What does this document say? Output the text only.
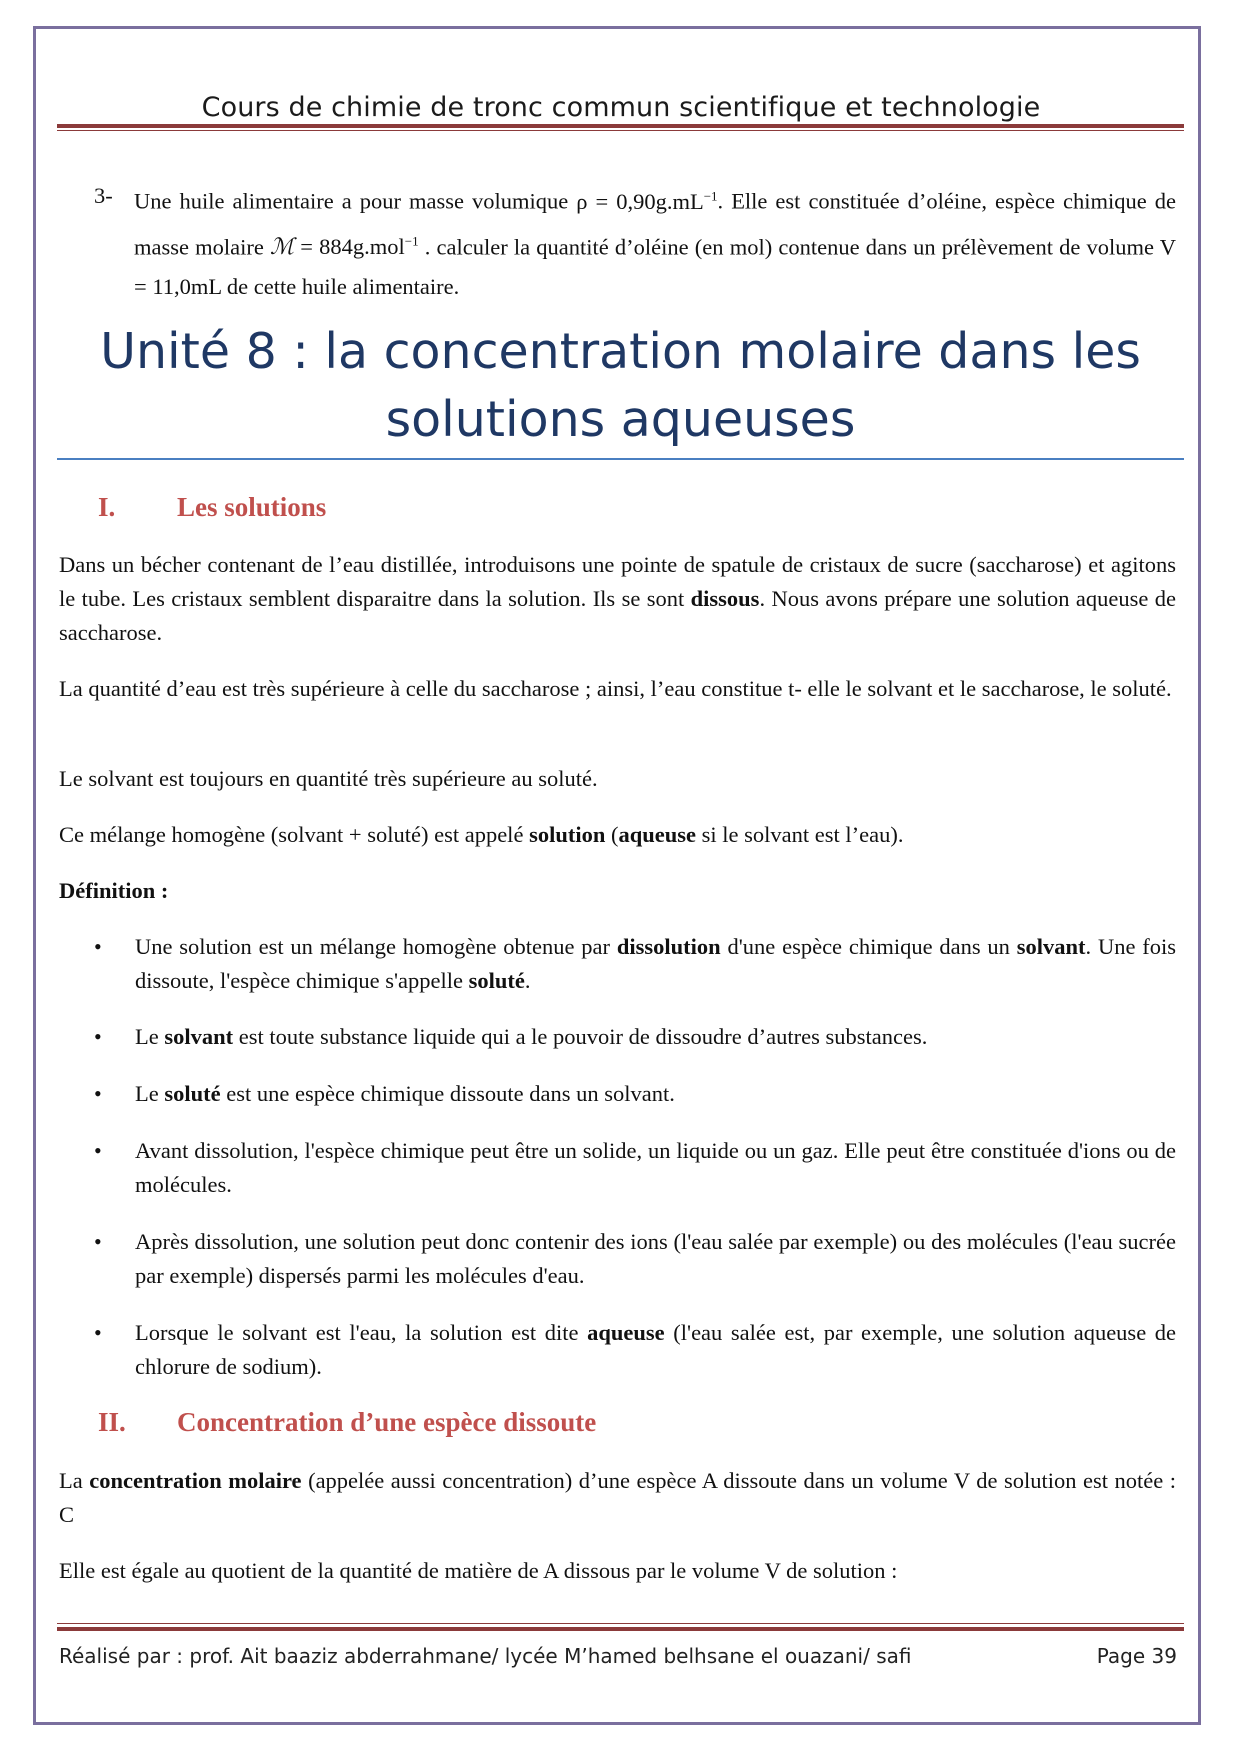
Cours de chimie de tronc commun scientifique et technologie
3- Une huile alimentaire a pour masse volumique $\rho = 0,90g.mL^{-1}$. Elle est constituée d’oléine, espèce chimique de masse molaire ℳ = 884g.mol$^{-1}$ . calculer la quantité d’oléine (en mol) contenue dans un prélèvement de volume V = 11,0mL de cette huile alimentaire.
Unité 8 : la concentration molaire dans les solutions aqueuses
I. Les solutions

Dans un bécher contenant de l’eau distillée, introduisons une pointe de spatule de cristaux de sucre (saccharose) et agitons le tube. Les cristaux semblent disparaitre dans la solution. Ils se sont dissous. Nous avons prépare une solution aqueuse de saccharose.

La quantité d’eau est très supérieure à celle du saccharose ; ainsi, l’eau constitue t- elle le solvant et le saccharose, le soluté.

Le solvant est toujours en quantité très supérieure au soluté.

Ce mélange homogène (solvant + soluté) est appelé solution (aqueuse si le solvant est l’eau).

Définition :

• Une solution est un mélange homogène obtenue par dissolution d'une espèce chimique dans un solvant. Une fois dissoute, l'espèce chimique s'appelle soluté.
• Le solvant est toute substance liquide qui a le pouvoir de dissoudre d’autres substances.
• Le soluté est une espèce chimique dissoute dans un solvant.
• Avant dissolution, l'espèce chimique peut être un solide, un liquide ou un gaz. Elle peut être constituée d'ions ou de molécules.
• Après dissolution, une solution peut donc contenir des ions (l'eau salée par exemple) ou des molécules (l'eau sucrée par exemple) dispersés parmi les molécules d'eau.
• Lorsque le solvant est l'eau, la solution est dite aqueuse (l'eau salée est, par exemple, une solution aqueuse de chlorure de sodium).
II. Concentration d’une espèce dissoute

La concentration molaire (appelée aussi concentration) d’une espèce A dissoute dans un volume V de solution est notée : C

Elle est égale au quotient de la quantité de matière de A dissous par le volume V de solution :

Réalisé par : prof. Ait baaziz abderrahmane/ lycée M’hamed belhsane el ouazani/ safi	Page 39
